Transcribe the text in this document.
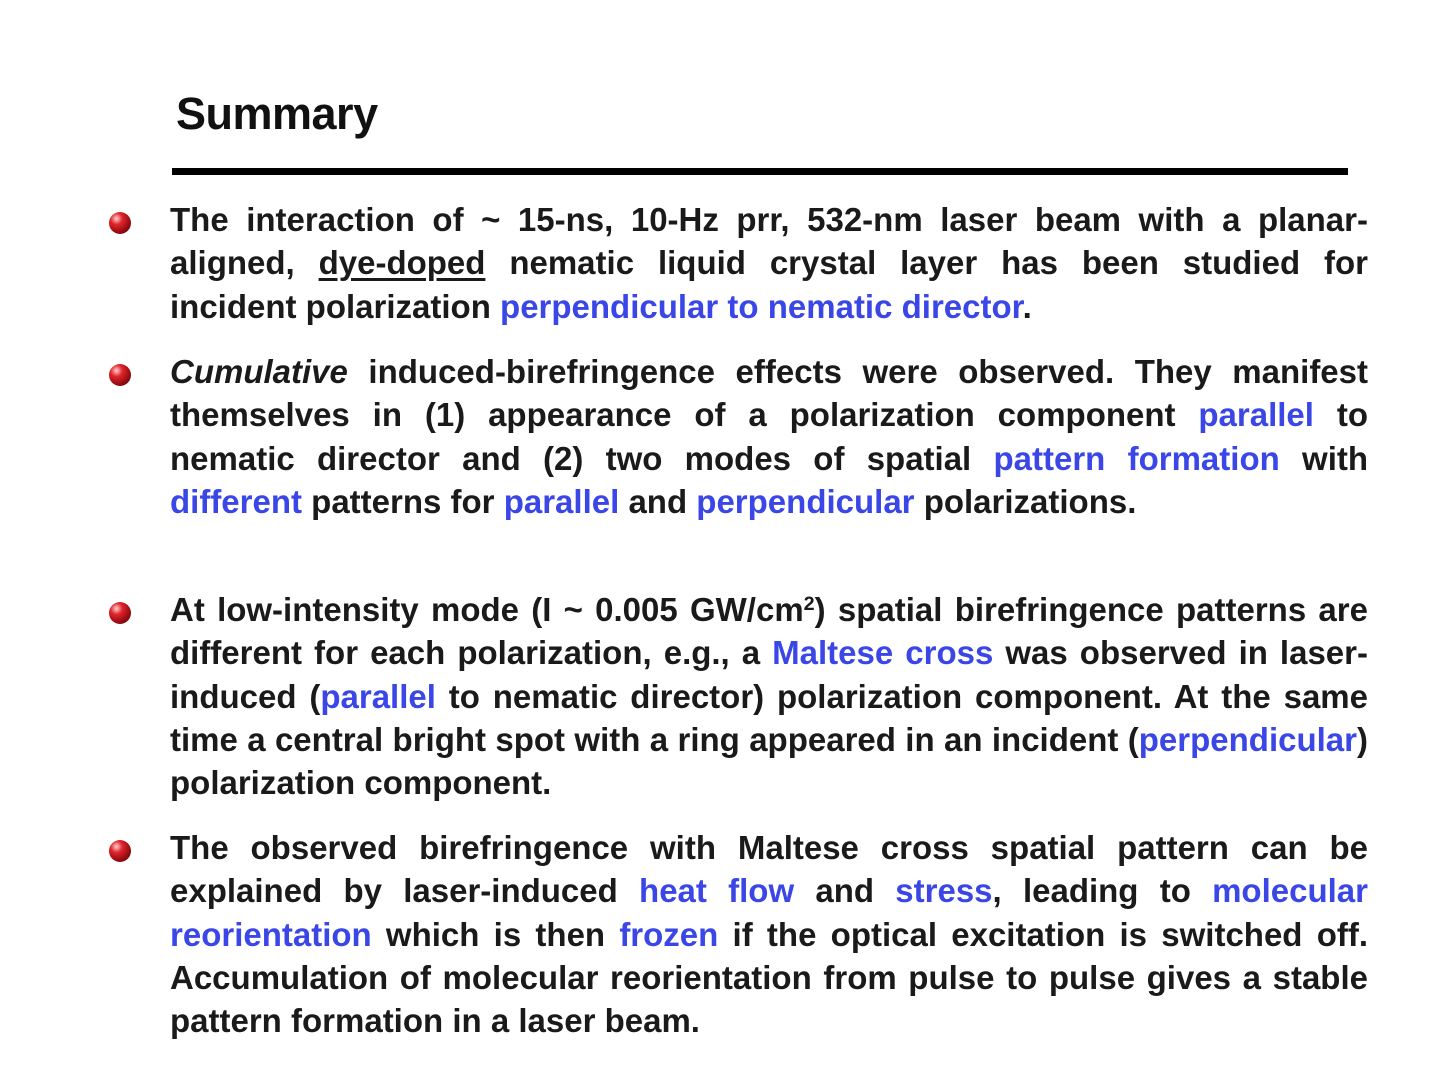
Summary
The interaction of ~ 15-ns, 10-Hz prr, 532-nm laser beam with a planar-aligned, dye-doped nematic liquid crystal layer has been studied for incident polarization perpendicular to nematic director.
Cumulative induced-birefringence effects were observed. They manifest themselves in (1) appearance of a polarization component parallel to nematic director and (2) two modes of spatial pattern formation with different patterns for parallel and perpendicular polarizations.
At low-intensity mode (I ~ 0.005 $GW/cm^2$) spatial birefringence patterns are different for each polarization, e.g., a Maltese cross was observed in laser-induced (parallel to nematic director) polarization component. At the same time a central bright spot with a ring appeared in an incident (perpendicular) polarization component.
The observed birefringence with Maltese cross spatial pattern can be explained by laser-induced heat flow and stress, leading to molecular reorientation which is then frozen if the optical excitation is switched off. Accumulation of molecular reorientation from pulse to pulse gives a stable pattern formation in a laser beam.
